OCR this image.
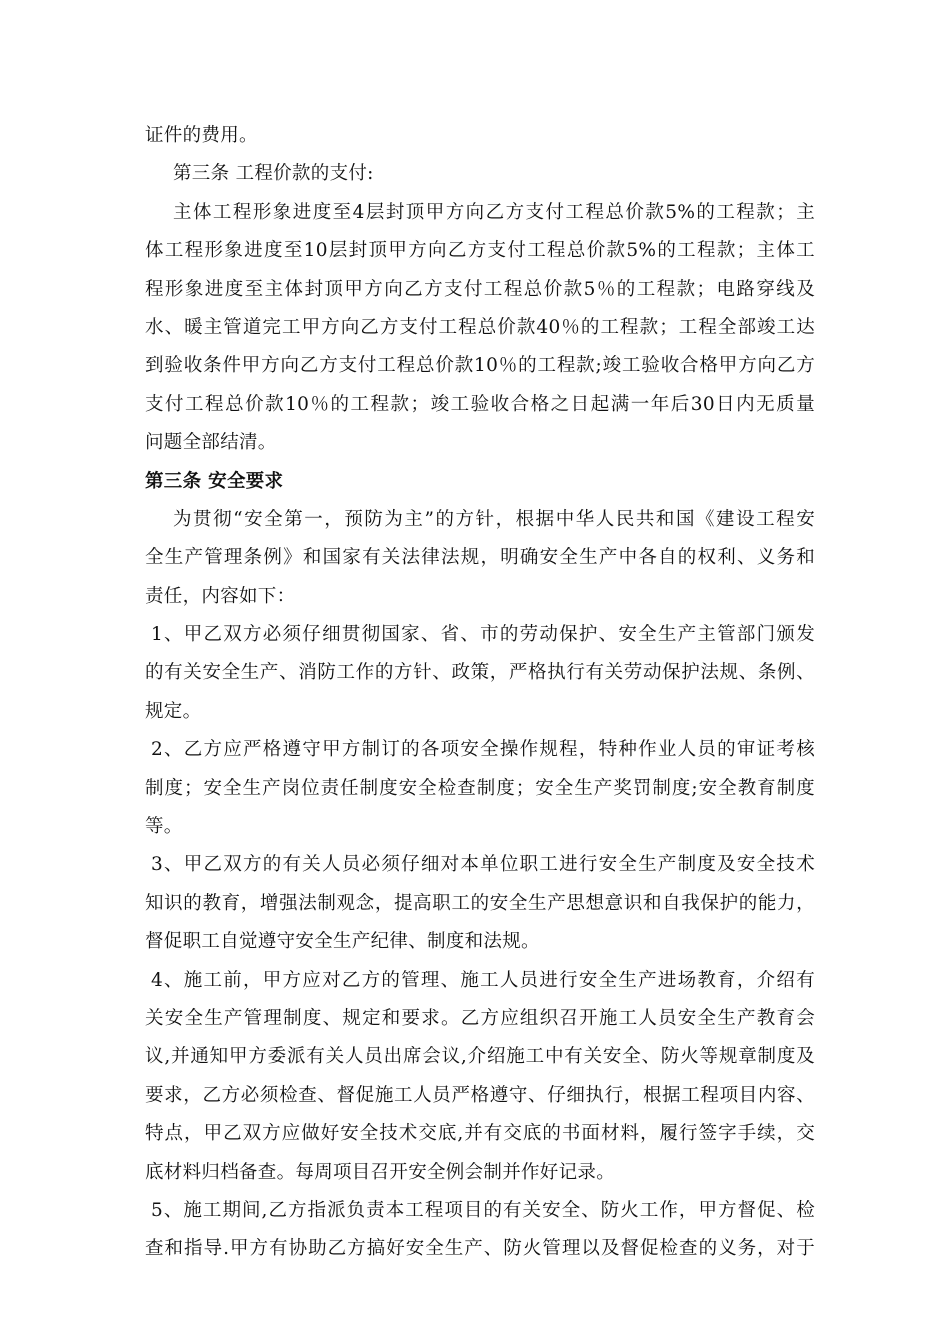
证件的费用。
第三条 工程价款的支付:
主体工程形象进度至4层封顶甲方向乙方支付工程总价款5%的工程款；主
体工程形象进度至10层封顶甲方向乙方支付工程总价款5%的工程款；主体工
程形象进度至主体封顶甲方向乙方支付工程总价款5％的工程款；电路穿线及
水、暖主管道完工甲方向乙方支付工程总价款40％的工程款；工程全部竣工达
到验收条件甲方向乙方支付工程总价款10％的工程款;竣工验收合格甲方向乙方
支付工程总价款10％的工程款；竣工验收合格之日起满一年后30日内无质量
问题全部结清。
第三条 安全要求
为贯彻“安全第一，预防为主”的方针，根据中华人民共和国《建设工程安
全生产管理条例》和国家有关法律法规，明确安全生产中各自的权利、义务和
责任，内容如下：
1、甲乙双方必须仔细贯彻国家、省、市的劳动保护、安全生产主管部门颁发
的有关安全生产、消防工作的方针、政策，严格执行有关劳动保护法规、条例、
规定。
2、乙方应严格遵守甲方制订的各项安全操作规程，特种作业人员的审证考核
制度；安全生产岗位责任制度安全检查制度；安全生产奖罚制度;安全教育制度
等。
3、甲乙双方的有关人员必须仔细对本单位职工进行安全生产制度及安全技术
知识的教育，增强法制观念，提高职工的安全生产思想意识和自我保护的能力，
督促职工自觉遵守安全生产纪律、制度和法规。
4、施工前，甲方应对乙方的管理、施工人员进行安全生产进场教育，介绍有
关安全生产管理制度、规定和要求。乙方应组织召开施工人员安全生产教育会
议,并通知甲方委派有关人员出席会议,介绍施工中有关安全、防火等规章制度及
要求，乙方必须检查、督促施工人员严格遵守、仔细执行，根据工程项目内容、
特点，甲乙双方应做好安全技术交底,并有交底的书面材料，履行签字手续，交
底材料归档备查。每周项目召开安全例会制并作好记录。
5、施工期间,乙方指派负责本工程项目的有关安全、防火工作，甲方督促、检
查和指导.甲方有协助乙方搞好安全生产、防火管理以及督促检查的义务，对于
